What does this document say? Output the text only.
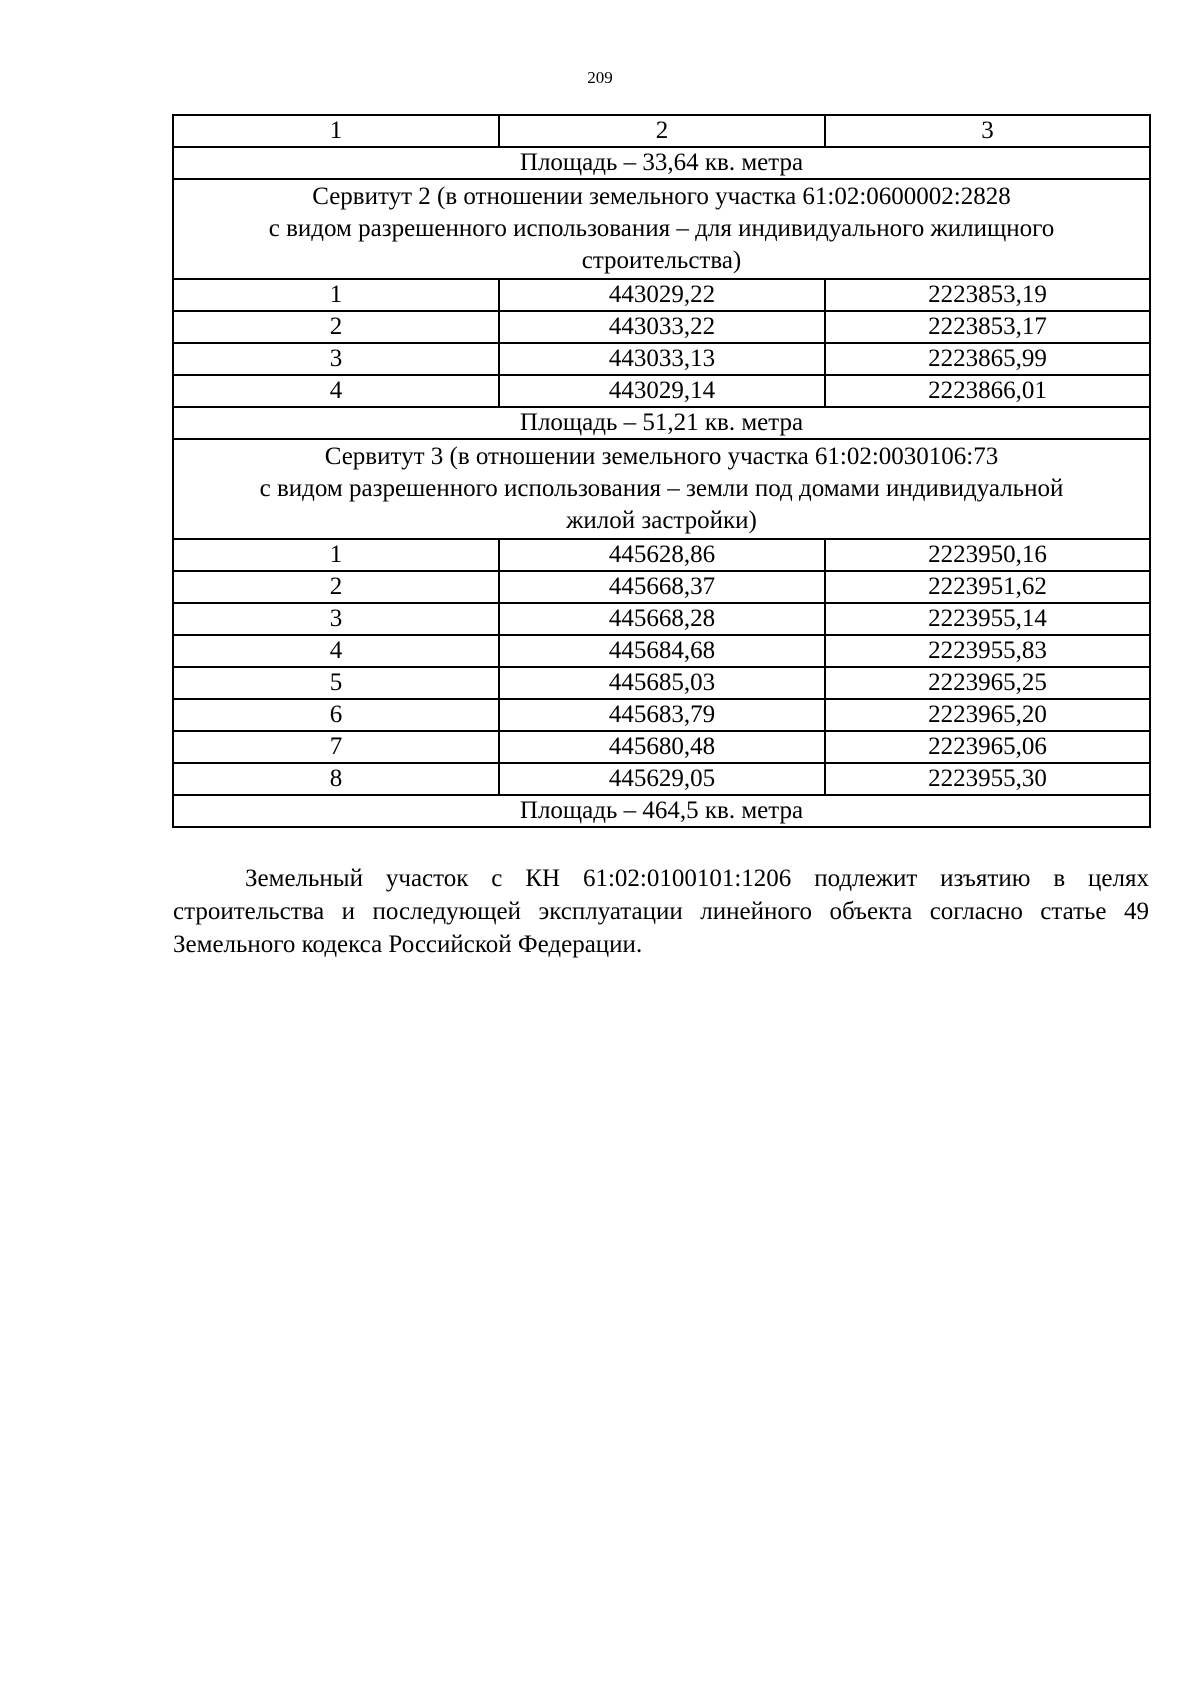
209
1	2	3
Площадь – 33,64 кв. метра		
Сервитут 2 (в отношении земельного участка 61:02:0600002:2828
с видом разрешенного использования – для индивидуального жилищного
строительства)		
1	443029,22	2223853,19
2	443033,22	2223853,17
3	443033,13	2223865,99
4	443029,14	2223866,01
Площадь – 51,21 кв. метра		
Сервитут 3 (в отношении земельного участка 61:02:0030106:73
с видом разрешенного использования – земли под домами индивидуальной
жилой застройки)		
1	445628,86	2223950,16
2	445668,37	2223951,62
3	445668,28	2223955,14
4	445684,68	2223955,83
5	445685,03	2223965,25
6	445683,79	2223965,20
7	445680,48	2223965,06
8	445629,05	2223955,30
Площадь – 464,5 кв. метра		

Земельный участок с КН 61:02:0100101:1206 подлежит изъятию в целях строительства и последующей эксплуатации линейного объекта согласно статье 49 Земельного кодекса Российской Федерации.
